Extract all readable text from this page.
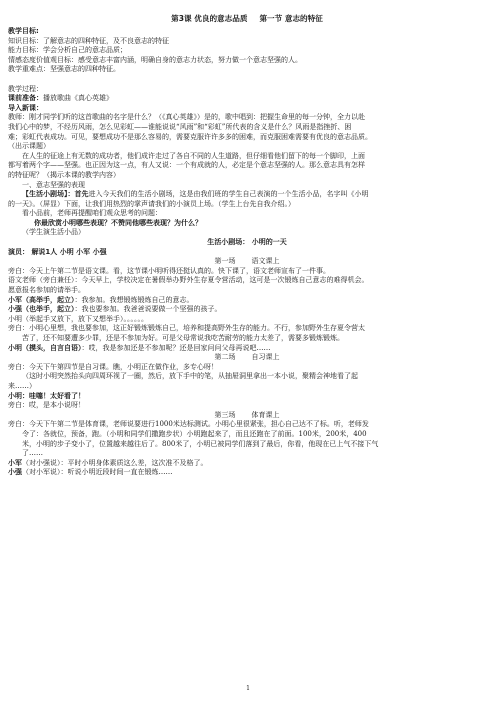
第3课 优良的意志品质 第一节 意志的特征
教学目标:
知识目标：了解意志的四种特征，及不良意志的特征
能力目标：学会分析自己的意志品质；
情感态度价值观目标：感受意志丰富内涵，明确自身的意志力状态，努力做一个意志坚强的人。
教学重难点：坚强意志的四种特征。
教学过程：
课前准备：播放歌曲《真心英雄》
导入新课：
教师：刚才同学们听的这首歌曲的名字是什么？（《真心英雄》）是的，歌中唱到：把握生命里的每一分钟，全力以赴
我们心中的梦，不经历风雨，怎么见彩虹——谁能说说“风雨”和“彩虹”所代表的含义是什么？风雨是指挫折、困
难；彩虹代表成功。可见，要想成功不是那么容易的，需要克服许许多多的困难，而克服困难需要有优良的意志品质。
（出示课题）
在人生的征途上有无数的成功者，他们成许走过了各自不同的人生道路，但仔细看他们留下的每一个脚印，上面
都写着两个字——坚强。也正因为这一点，有人又说：一个有成就的人，必定是个意志坚强的人。那么意志具有怎样
的特征呢？（揭示本课的教学内容）
一、意志坚强的表现
【生活小剧场】：首先进入今天我们的生活小剧场，这是由我们班的学生自己表演的一个生活小品，名字叫《小明
的一天》。（屏显）下面，让我们用热烈的掌声请我们的小演员上场。（学生上台先自我介绍。）
看小品前，老师再提醒咱们观众思考的问题：
你最欣赏小明哪些表现？不赞同他哪些表现？为什么？
（学生演生活小品）
生活小剧场： 小明的一天
演员： 解说1人 小明 小军 小强
第一场 语文课上
旁白：今天上午第二节是语文课。看，这节课小明听得还挺认真的。快下课了，语文老师宣布了一件事。
语文老师（旁白兼任）：今天早上，学校决定在暑假举办野外生存夏令营活动，这可是一次锻炼自己意志的难得机会。
愿意报名参加的请举手。
小军（高举手，起立）：我参加。我想锻炼锻炼自己的意志。
小强（也举手，起立）：我也要参加。我爸爸说要做一个坚强的孩子。
小明（举起手又放下，放下又想举手）。。。。。。
旁白：小明心里想，我也要参加，这正好锻炼锻炼自己，培养和提高野外生存的能力。不行，参加野外生存夏令营太
苦了，还不知要遭多少罪，还是不参加为好。可是父母常说我吃苦耐劳的能力太差了，需要多锻炼锻炼。
小明（摸头，自言自语）：哎，我是参加还是不参加呢？还是回家问问父母再说吧……
第二场 自习课上
旁白：今天下午第四节是自习课。瞧，小明正在做作业，多专心呀！
（这时小明突然抬头向四周环视了一圈，然后，放下手中的笔，从抽屉洞里拿出一本小说，聚精会神地看了起
来……）
小明：哇噻！太好看了！
旁白：哎，是本小说呀！
第三场 体育课上
旁白：今天下午第二节是体育课，老师说要进行1000米达标测试。小明心里很紧张，担心自己达不了标。听，老师发
令了：各就位，预备，跑。（小明和同学们撒跑步状）小明跑起来了，而且还跑在了前面。100米，200米，400
米，小明的步子变小了，位置越来越往后了。800米了，小明已被同学们落到了最后，你看，他现在已上气不接下气
了……
小军（对小强说）：平时小明身体素质这么差，这次准不及格了。
小强（对小军说）：听说小明近段时间一直在锻炼……
1
